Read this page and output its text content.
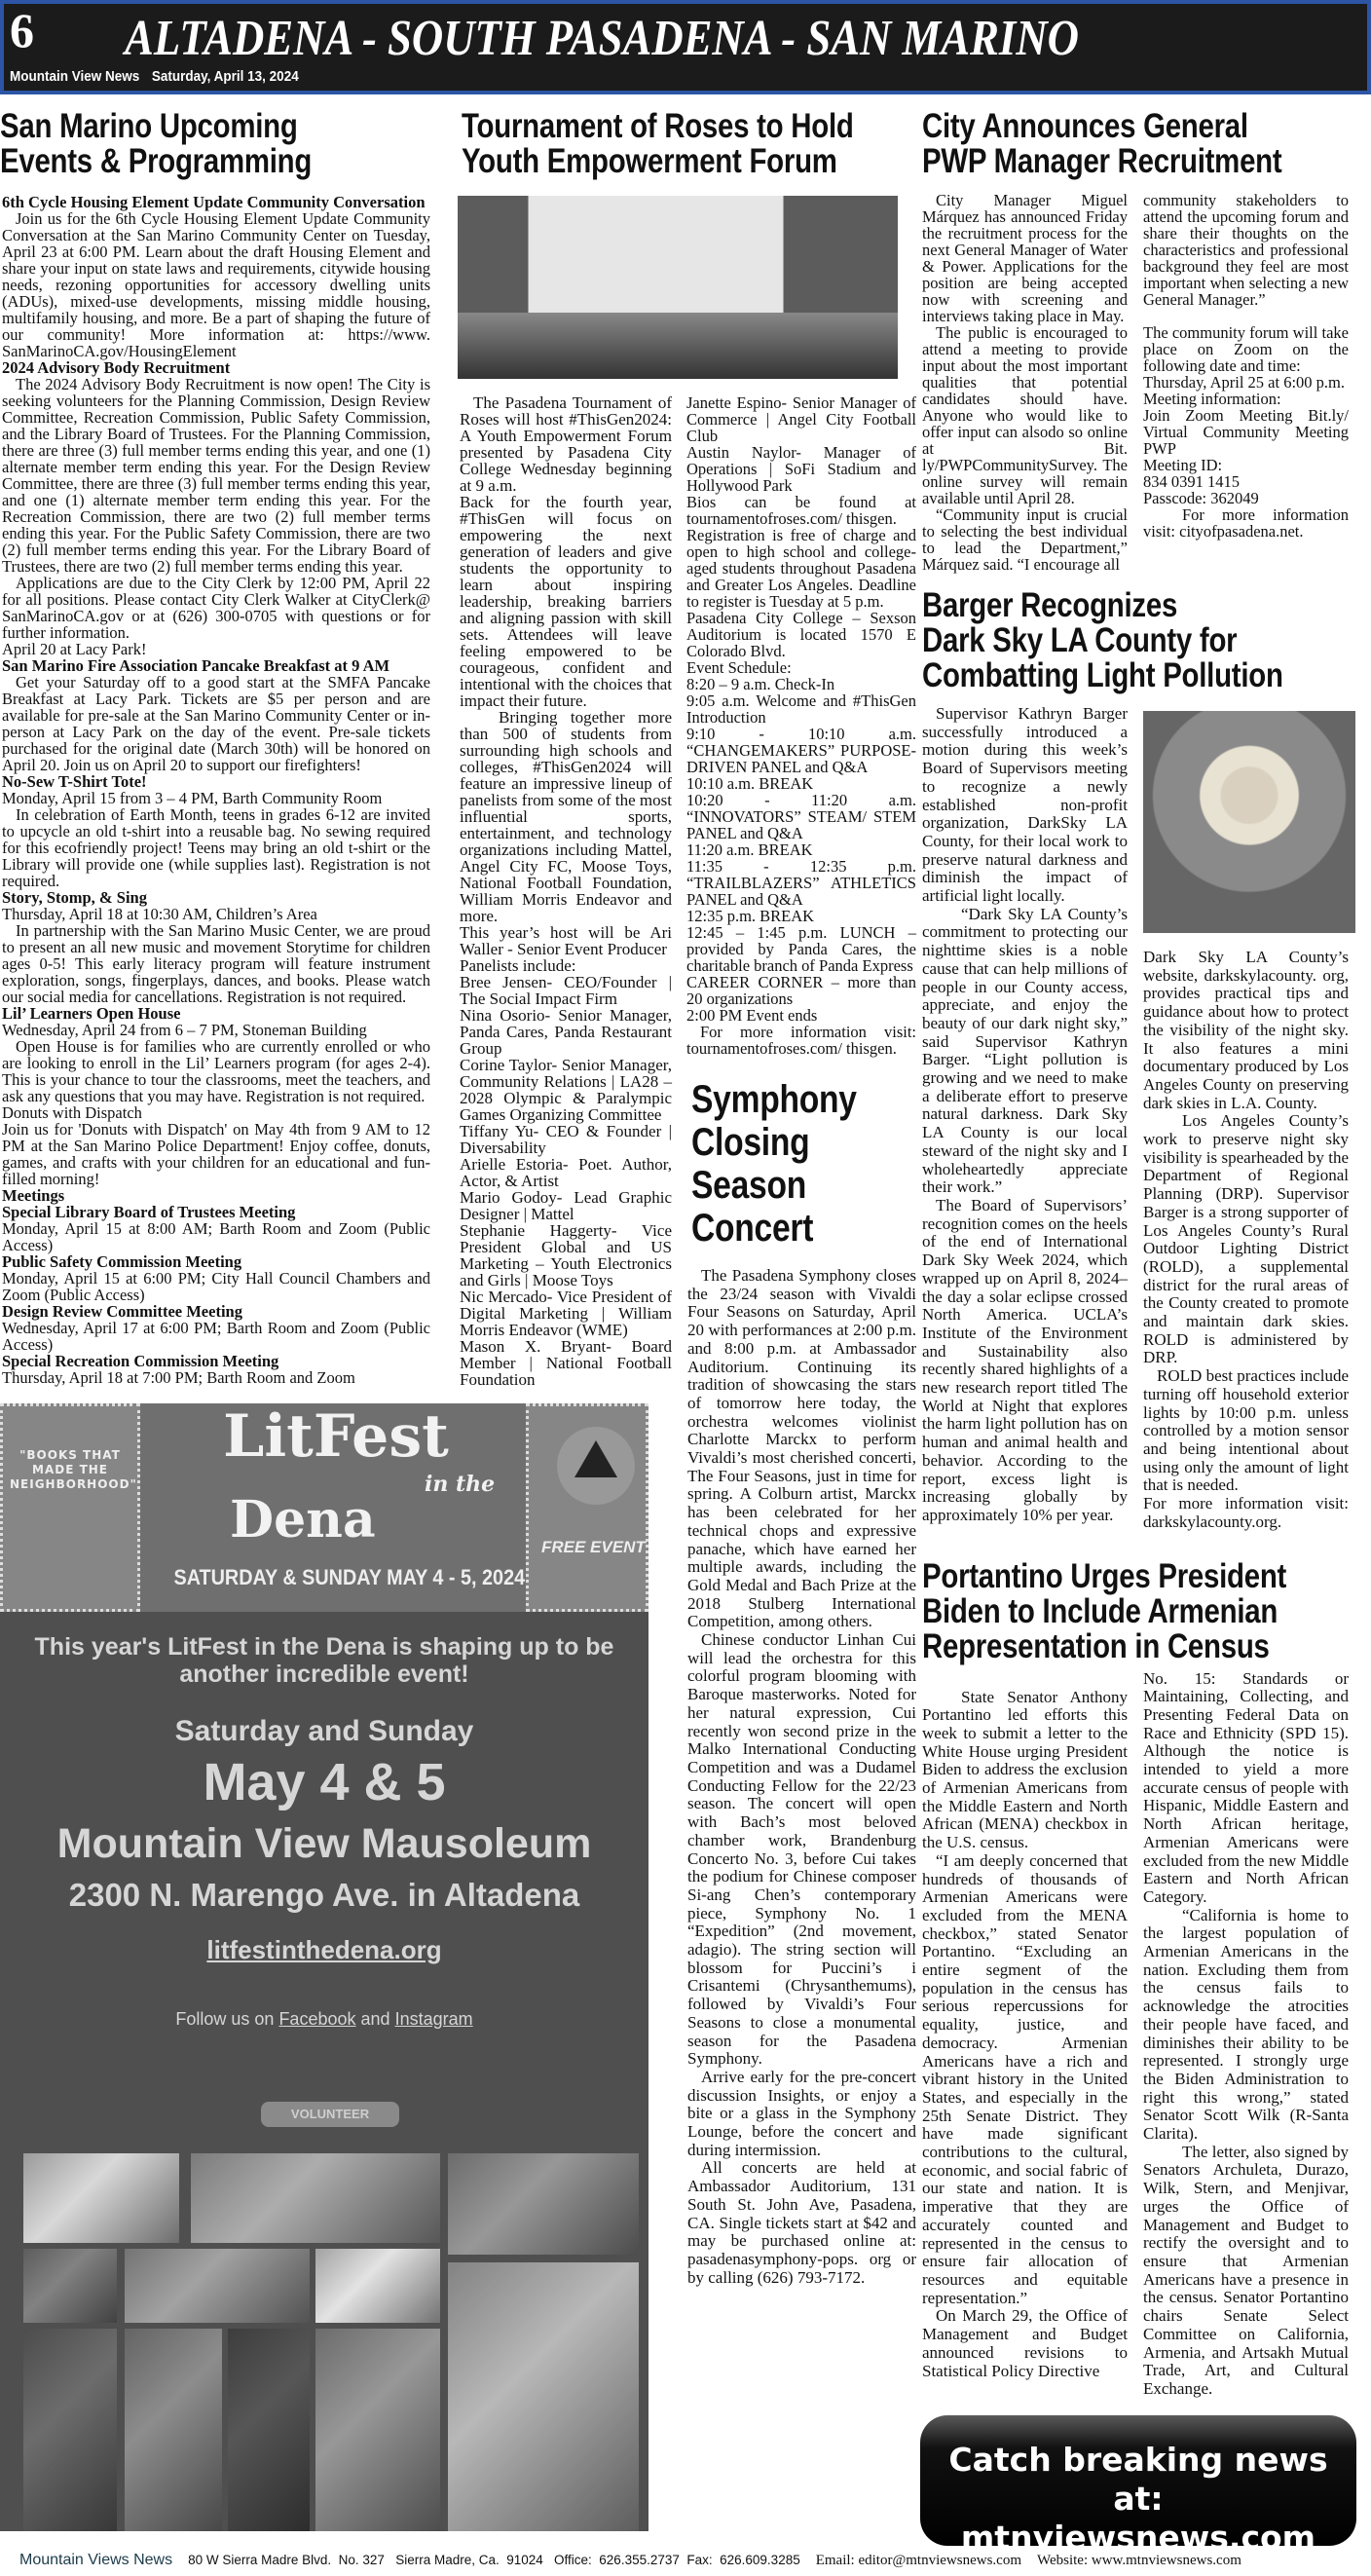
6 ALTADENA - SOUTH PASADENA - SAN MARINO
Mountain View News Saturday, April 13, 2024
San Marino Upcoming
Events & Programming
6th Cycle Housing Element Update Community Conversation
Join us for the 6th Cycle Housing Element Update Community Conversation at the San Marino Community Center on Tuesday, April 23 at 6:00 PM. Learn about the draft Housing Element and share your input on state laws and requirements, citywide housing needs, rezoning opportunities for accessory dwelling units (ADUs), mixed-use developments, missing middle housing, multifamily housing, and more. Be a part of shaping the future of our community! More information at: https://www. SanMarinoCA.gov/HousingElement
2024 Advisory Body Recruitment
The 2024 Advisory Body Recruitment is now open! The City is seeking volunteers for the Planning Commission, Design Review Committee, Recreation Commission, Public Safety Commission, and the Library Board of Trustees. For the Planning Commission, there are three (3) full member terms ending this year, and one (1) alternate member term ending this year. For the Design Review Committee, there are three (3) full member terms ending this year, and one (1) alternate member term ending this year. For the Recreation Commission, there are two (2) full member terms ending this year. For the Public Safety Commission, there are two (2) full member terms ending this year. For the Library Board of Trustees, there are two (2) full member terms ending this year.
Applications are due to the City Clerk by 12:00 PM, April 22 for all positions. Please contact City Clerk Walker at CityClerk@ SanMarinoCA.gov or at (626) 300-0705 with questions or for further information.
April 20 at Lacy Park!
San Marino Fire Association Pancake Breakfast at 9 AM
Get your Saturday off to a good start at the SMFA Pancake Breakfast at Lacy Park. Tickets are $5 per person and are available for pre-sale at the San Marino Community Center or in-person at Lacy Park on the day of the event. Pre-sale tickets purchased for the original date (March 30th) will be honored on April 20. Join us on April 20 to support our firefighters!
No-Sew T-Shirt Tote!
Monday, April 15 from 3 – 4 PM, Barth Community Room
In celebration of Earth Month, teens in grades 6-12 are invited to upcycle an old t-shirt into a reusable bag. No sewing required for this ecofriendly project! Teens may bring an old t-shirt or the Library will provide one (while supplies last). Registration is not required.
Story, Stomp, & Sing
Thursday, April 18 at 10:30 AM, Children’s Area
In partnership with the San Marino Music Center, we are proud to present an all new music and movement Storytime for children ages 0-5! This early literacy program will feature instrument exploration, songs, fingerplays, dances, and books. Please watch our social media for cancellations. Registration is not required.
Lil’ Learners Open House
Wednesday, April 24 from 6 – 7 PM, Stoneman Building
Open House is for families who are currently enrolled or who are looking to enroll in the Lil’ Learners program (for ages 2-4). This is your chance to tour the classrooms, meet the teachers, and ask any questions that you may have. Registration is not required.
Donuts with Dispatch
Join us for 'Donuts with Dispatch' on May 4th from 9 AM to 12 PM at the San Marino Police Department! Enjoy coffee, donuts, games, and crafts with your children for an educational and fun-filled morning!
Meetings
Special Library Board of Trustees Meeting
Monday, April 15 at 8:00 AM; Barth Room and Zoom (Public Access)
Public Safety Commission Meeting
Monday, April 15 at 6:00 PM; City Hall Council Chambers and Zoom (Public Access)
Design Review Committee Meeting
Wednesday, April 17 at 6:00 PM; Barth Room and Zoom (Public Access)
Special Recreation Commission Meeting
Thursday, April 18 at 7:00 PM; Barth Room and Zoom
"BOOKS THAT MADE THE NEIGHBORHOOD"
LitFest
in the
Dena
SATURDAY & SUNDAY MAY 4 - 5, 2024
FREE EVENT
This year's LitFest in the Dena is shaping up to be another incredible event!
Saturday and Sunday
May 4 & 5
Mountain View Mausoleum
2300 N. Marengo Ave. in Altadena
litfestinthedena.org
Follow us on Facebook and Instagram
VOLUNTEER
Tournament of Roses to Hold
Youth Empowerment Forum
The Pasadena Tournament of Roses will host #ThisGen2024: A Youth Empowerment Forum presented by Pasadena City College Wednesday beginning at 9 a.m.
Back for the fourth year, #ThisGen will focus on empowering the next generation of leaders and give students the opportunity to learn about inspiring leadership, breaking barriers and aligning passion with skill sets. Attendees will leave feeling empowered to be courageous, confident and intentional with the choices that impact their future.
Bringing together more than 500 of students from surrounding high schools and colleges, #ThisGen2024 will feature an impressive lineup of panelists from some of the most influential sports, entertainment, and technology organizations including Mattel, Angel City FC, Moose Toys, National Football Foundation, William Morris Endeavor and more.
This year’s host will be Ari Waller - Senior Event Producer
Panelists include:
Bree Jensen- CEO/Founder | The Social Impact Firm
Nina Osorio- Senior Manager, Panda Cares, Panda Restaurant Group
Corine Taylor- Senior Manager, Community Relations | LA28 – 2028 Olympic & Paralympic Games Organizing Committee
Tiffany Yu- CEO & Founder | Diversability
Arielle Estoria- Poet. Author, Actor, & Artist
Mario Godoy- Lead Graphic Designer | Mattel
Stephanie Haggerty- Vice President Global and US Marketing – Youth Electronics and Girls | Moose Toys
Nic Mercado- Vice President of Digital Marketing | William Morris Endeavor (WME)
Mason X. Bryant- Board Member | National Football Foundation
Janette Espino- Senior Manager of Commerce | Angel City Football Club
Austin Naylor- Manager of Operations | SoFi Stadium and Hollywood Park
Bios can be found at tournamentofroses.com/ thisgen.
Registration is free of charge and open to high school and college-aged students throughout Pasadena and Greater Los Angeles. Deadline to register is Tuesday at 5 p.m.
Pasadena City College – Sexson Auditorium is located 1570 E Colorado Blvd.
Event Schedule:
8:20 – 9 a.m. Check-In
9:05 a.m. Welcome and #ThisGen Introduction
9:10 - 10:10 a.m. “CHANGEMAKERS” PURPOSE-DRIVEN PANEL and Q&A
10:10 a.m. BREAK
10:20 - 11:20 a.m. “INNOVATORS” STEAM/ STEM PANEL and Q&A
11:20 a.m. BREAK
11:35 - 12:35 p.m. “TRAILBLAZERS” ATHLETICS PANEL and Q&A
12:35 p.m. BREAK
12:45 – 1:45 p.m. LUNCH – provided by Panda Cares, the charitable branch of Panda Express
CAREER CORNER – more than 20 organizations
2:00 PM Event ends
For more information visit: tournamentofroses.com/ thisgen.
Symphony
Closing
Season
Concert
The Pasadena Symphony closes the 23/24 season with Vivaldi Four Seasons on Saturday, April 20 with performances at 2:00 p.m. and 8:00 p.m. at Ambassador Auditorium. Continuing its tradition of showcasing the stars of tomorrow here today, the orchestra welcomes violinist Charlotte Marckx to perform Vivaldi’s most cherished concerti, The Four Seasons, just in time for spring. A Colburn artist, Marckx has been celebrated for her technical chops and expressive panache, which have earned her multiple awards, including the Gold Medal and Bach Prize at the 2018 Stulberg International Competition, among others.
Chinese conductor Linhan Cui will lead the orchestra for this colorful program blooming with Baroque masterworks. Noted for her natural expression, Cui recently won second prize in the Malko International Conducting Competition and was a Dudamel Conducting Fellow for the 22/23 season. The concert will open with Bach’s most beloved chamber work, Brandenburg Concerto No. 3, before Cui takes the podium for Chinese composer Si-ang Chen’s contemporary piece, Symphony No. 1 “Expedition” (2nd movement, adagio). The string section will blossom for Puccini’s i Crisantemi (Chrysanthemums), followed by Vivaldi’s Four Seasons to close a monumental season for the Pasadena Symphony.
Arrive early for the pre-concert discussion Insights, or enjoy a bite or a glass in the Symphony Lounge, before the concert and during intermission.
All concerts are held at Ambassador Auditorium, 131 South St. John Ave, Pasadena, CA. Single tickets start at $42 and may be purchased online at: pasadenasymphony-pops. org or by calling (626) 793-7172.
City Announces General
PWP Manager Recruitment
City Manager Miguel Márquez has announced Friday the recruitment process for the next General Manager of Water & Power. Applications for the position are being accepted now with screening and interviews taking place in May.
The public is encouraged to attend a meeting to provide input about the most important qualities that potential candidates should have. Anyone who would like to offer input can alsodo so online at Bit. ly/PWPCommunitySurvey. The online survey will remain available until April 28.
“Community input is crucial to selecting the best individual to lead the Department,” Márquez said. “I encourage all
community stakeholders to attend the upcoming forum and share their thoughts on the characteristics and professional background they feel are most important when selecting a new General Manager.”
The community forum will take place on Zoom on the following date and time:
Thursday, April 25 at 6:00 p.m.
Meeting information:
Join Zoom Meeting Bit.ly/ Virtual Community Meeting PWP
Meeting ID:
834 0391 1415
Passcode: 362049
For more information visit: cityofpasadena.net.
Barger Recognizes
Dark Sky LA County for
Combatting Light Pollution
Supervisor Kathryn Barger successfully introduced a motion during this week’s Board of Supervisors meeting to recognize a newly established non-profit organization, DarkSky LA County, for their local work to preserve natural darkness and diminish the impact of artificial light locally.
“Dark Sky LA County’s commitment to protecting our nighttime skies is a noble cause that can help millions of people in our County access, appreciate, and enjoy the beauty of our dark night sky,” said Supervisor Kathryn Barger. “Light pollution is growing and we need to make a deliberate effort to preserve natural darkness. Dark Sky LA County is our local steward of the night sky and I wholeheartedly appreciate their work.”
The Board of Supervisors’ recognition comes on the heels of the end of International Dark Sky Week 2024, which wrapped up on April 8, 2024–the day a solar eclipse crossed North America. UCLA’s Institute of the Environment and Sustainability also recently shared highlights of a new research report titled The World at Night that explores the harm light pollution has on human and animal health and behavior. According to the report, excess light is increasing globally by approximately 10% per year.
Dark Sky LA County’s website, darkskylacounty. org, provides practical tips and guidance about how to protect the visibility of the night sky. It also features a mini documentary produced by Los Angeles County on preserving dark skies in L.A. County.
Los Angeles County’s work to preserve night sky visibility is spearheaded by the Department of Regional Planning (DRP). Supervisor Barger is a strong supporter of Los Angeles County’s Rural Outdoor Lighting District (ROLD), a supplemental district for the rural areas of the County created to promote and maintain dark skies. ROLD is administered by DRP.
ROLD best practices include turning off household exterior lights by 10:00 p.m. unless controlled by a motion sensor and being intentional about using only the amount of light that is needed.
For more information visit: darkskylacounty.org.
Portantino Urges President
Biden to Include Armenian
Representation in Census
State Senator Anthony Portantino led efforts this week to submit a letter to the White House urging President Biden to address the exclusion of Armenian Americans from the Middle Eastern and North African (MENA) checkbox in the U.S. census.
“I am deeply concerned that hundreds of thousands of Armenian Americans were excluded from the MENA checkbox,” stated Senator Portantino. “Excluding an entire segment of the population in the census has serious repercussions for equality, justice, and democracy. Armenian Americans have a rich and vibrant history in the United States, and especially in the 25th Senate District. They have made significant contributions to the cultural, economic, and social fabric of our state and nation. It is imperative that they are accurately counted and represented in the census to ensure fair allocation of resources and equitable representation.”
On March 29, the Office of Management and Budget announced revisions to Statistical Policy Directive
No. 15: Standards or Maintaining, Collecting, and Presenting Federal Data on Race and Ethnicity (SPD 15). Although the notice is intended to yield a more accurate census of people with Hispanic, Middle Eastern and North African heritage, Armenian Americans were excluded from the new Middle Eastern and North African Category.
“California is home to the largest population of Armenian Americans in the nation. Excluding them from the census fails to acknowledge the atrocities their people have faced, and diminishes their ability to be represented. I strongly urge the Biden Administration to right this wrong,” stated Senator Scott Wilk (R-Santa Clarita).
The letter, also signed by Senators Archuleta, Durazo, Wilk, Stern, and Menjivar, urges the Office of Management and Budget to rectify the oversight and to ensure that Armenian Americans have a presence in the census. Senator Portantino chairs Senate Select Committee on California, Armenia, and Artsakh Mutual Trade, Art, and Cultural Exchange.
Catch breaking news at:
mtnviewsnews.com
Mountain Views News 80 W Sierra Madre Blvd.  No. 327   Sierra Madre, Ca.  91024   Office:  626.355.2737  Fax:  626.609.3285 Email: editor@mtnviewsnews.com Website: www.mtnviewsnews.com
